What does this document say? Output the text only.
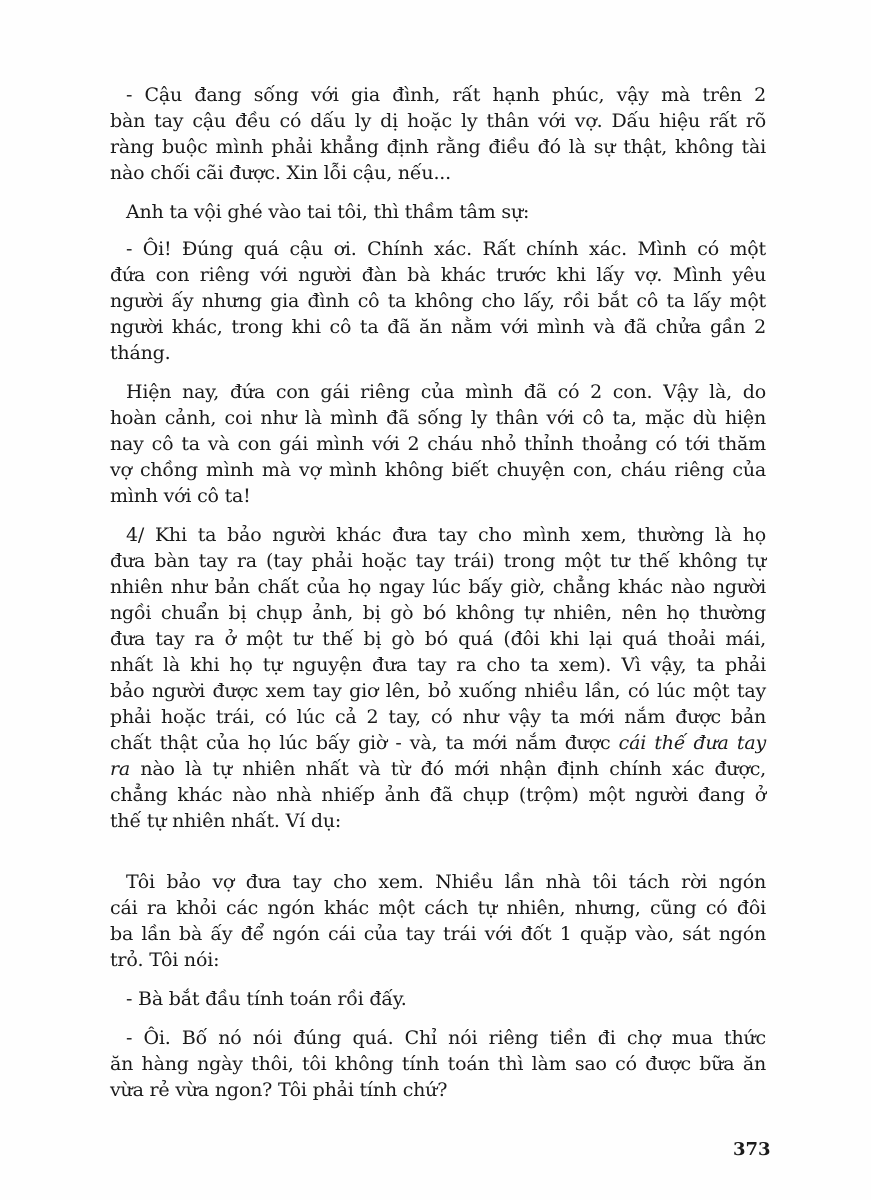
- Cậu đang sống với gia đình, rất hạnh phúc, vậy mà trên 2
bàn tay cậu đều có dấu ly dị hoặc ly thân với vợ. Dấu hiệu rất rõ
ràng buộc mình phải khẳng định rằng điều đó là sự thật, không tài
nào chối cãi được. Xin lỗi cậu, nếu...
Anh ta vội ghé vào tai tôi, thì thầm tâm sự:
- Ôi! Đúng quá cậu ơi. Chính xác. Rất chính xác. Mình có một
đứa con riêng với người đàn bà khác trước khi lấy vợ. Mình yêu
người ấy nhưng gia đình cô ta không cho lấy, rồi bắt cô ta lấy một
người khác, trong khi cô ta đã ăn nằm với mình và đã chửa gần 2
tháng.
Hiện nay, đứa con gái riêng của mình đã có 2 con. Vậy là, do
hoàn cảnh, coi như là mình đã sống ly thân với cô ta, mặc dù hiện
nay cô ta và con gái mình với 2 cháu nhỏ thỉnh thoảng có tới thăm
vợ chồng mình mà vợ mình không biết chuyện con, cháu riêng của
mình với cô ta!
4/ Khi ta bảo người khác đưa tay cho mình xem, thường là họ
đưa bàn tay ra (tay phải hoặc tay trái) trong một tư thế không tự
nhiên như bản chất của họ ngay lúc bấy giờ, chẳng khác nào người
ngồi chuẩn bị chụp ảnh, bị gò bó không tự nhiên, nên họ thường
đưa tay ra ở một tư thế bị gò bó quá (đôi khi lại quá thoải mái,
nhất là khi họ tự nguyện đưa tay ra cho ta xem). Vì vậy, ta phải
bảo người được xem tay giơ lên, bỏ xuống nhiều lần, có lúc một tay
phải hoặc trái, có lúc cả 2 tay, có như vậy ta mới nắm được bản
chất thật của họ lúc bấy giờ - và, ta mới nắm được cái thế đưa tay
ra nào là tự nhiên nhất và từ đó mới nhận định chính xác được,
chẳng khác nào nhà nhiếp ảnh đã chụp (trộm) một người đang ở
thế tự nhiên nhất. Ví dụ:
Tôi bảo vợ đưa tay cho xem. Nhiều lần nhà tôi tách rời ngón
cái ra khỏi các ngón khác một cách tự nhiên, nhưng, cũng có đôi
ba lần bà ấy để ngón cái của tay trái với đốt 1 quặp vào, sát ngón
trỏ. Tôi nói:
- Bà bắt đầu tính toán rồi đấy.
- Ôi. Bố nó nói đúng quá. Chỉ nói riêng tiền đi chợ mua thức
ăn hàng ngày thôi, tôi không tính toán thì làm sao có được bữa ăn
vừa rẻ vừa ngon? Tôi phải tính chứ?
373
